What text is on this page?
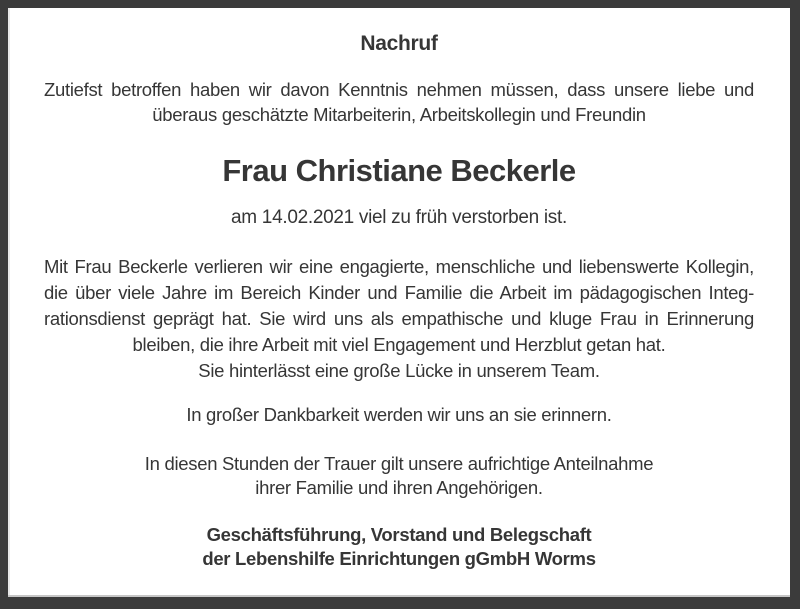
Nachruf
Zutiefst betroffen haben wir davon Kenntnis nehmen müssen, dass unsere liebe und
überaus geschätzte Mitarbeiterin, Arbeitskollegin und Freundin
Frau Christiane Beckerle
am 14.02.2021 viel zu früh verstorben ist.
Mit Frau Beckerle verlieren wir eine engagierte, menschliche und liebenswerte Kollegin,
die über viele Jahre im Bereich Kinder und Familie die Arbeit im pädagogischen Integ-
rationsdienst geprägt hat. Sie wird uns als empathische und kluge Frau in Erinnerung
bleiben, die ihre Arbeit mit viel Engagement und Herzblut getan hat.
Sie hinterlässt eine große Lücke in unserem Team.
In großer Dankbarkeit werden wir uns an sie erinnern.
In diesen Stunden der Trauer gilt unsere aufrichtige Anteilnahme
ihrer Familie und ihren Angehörigen.
Geschäftsführung, Vorstand und Belegschaft
der Lebenshilfe Einrichtungen gGmbH Worms
